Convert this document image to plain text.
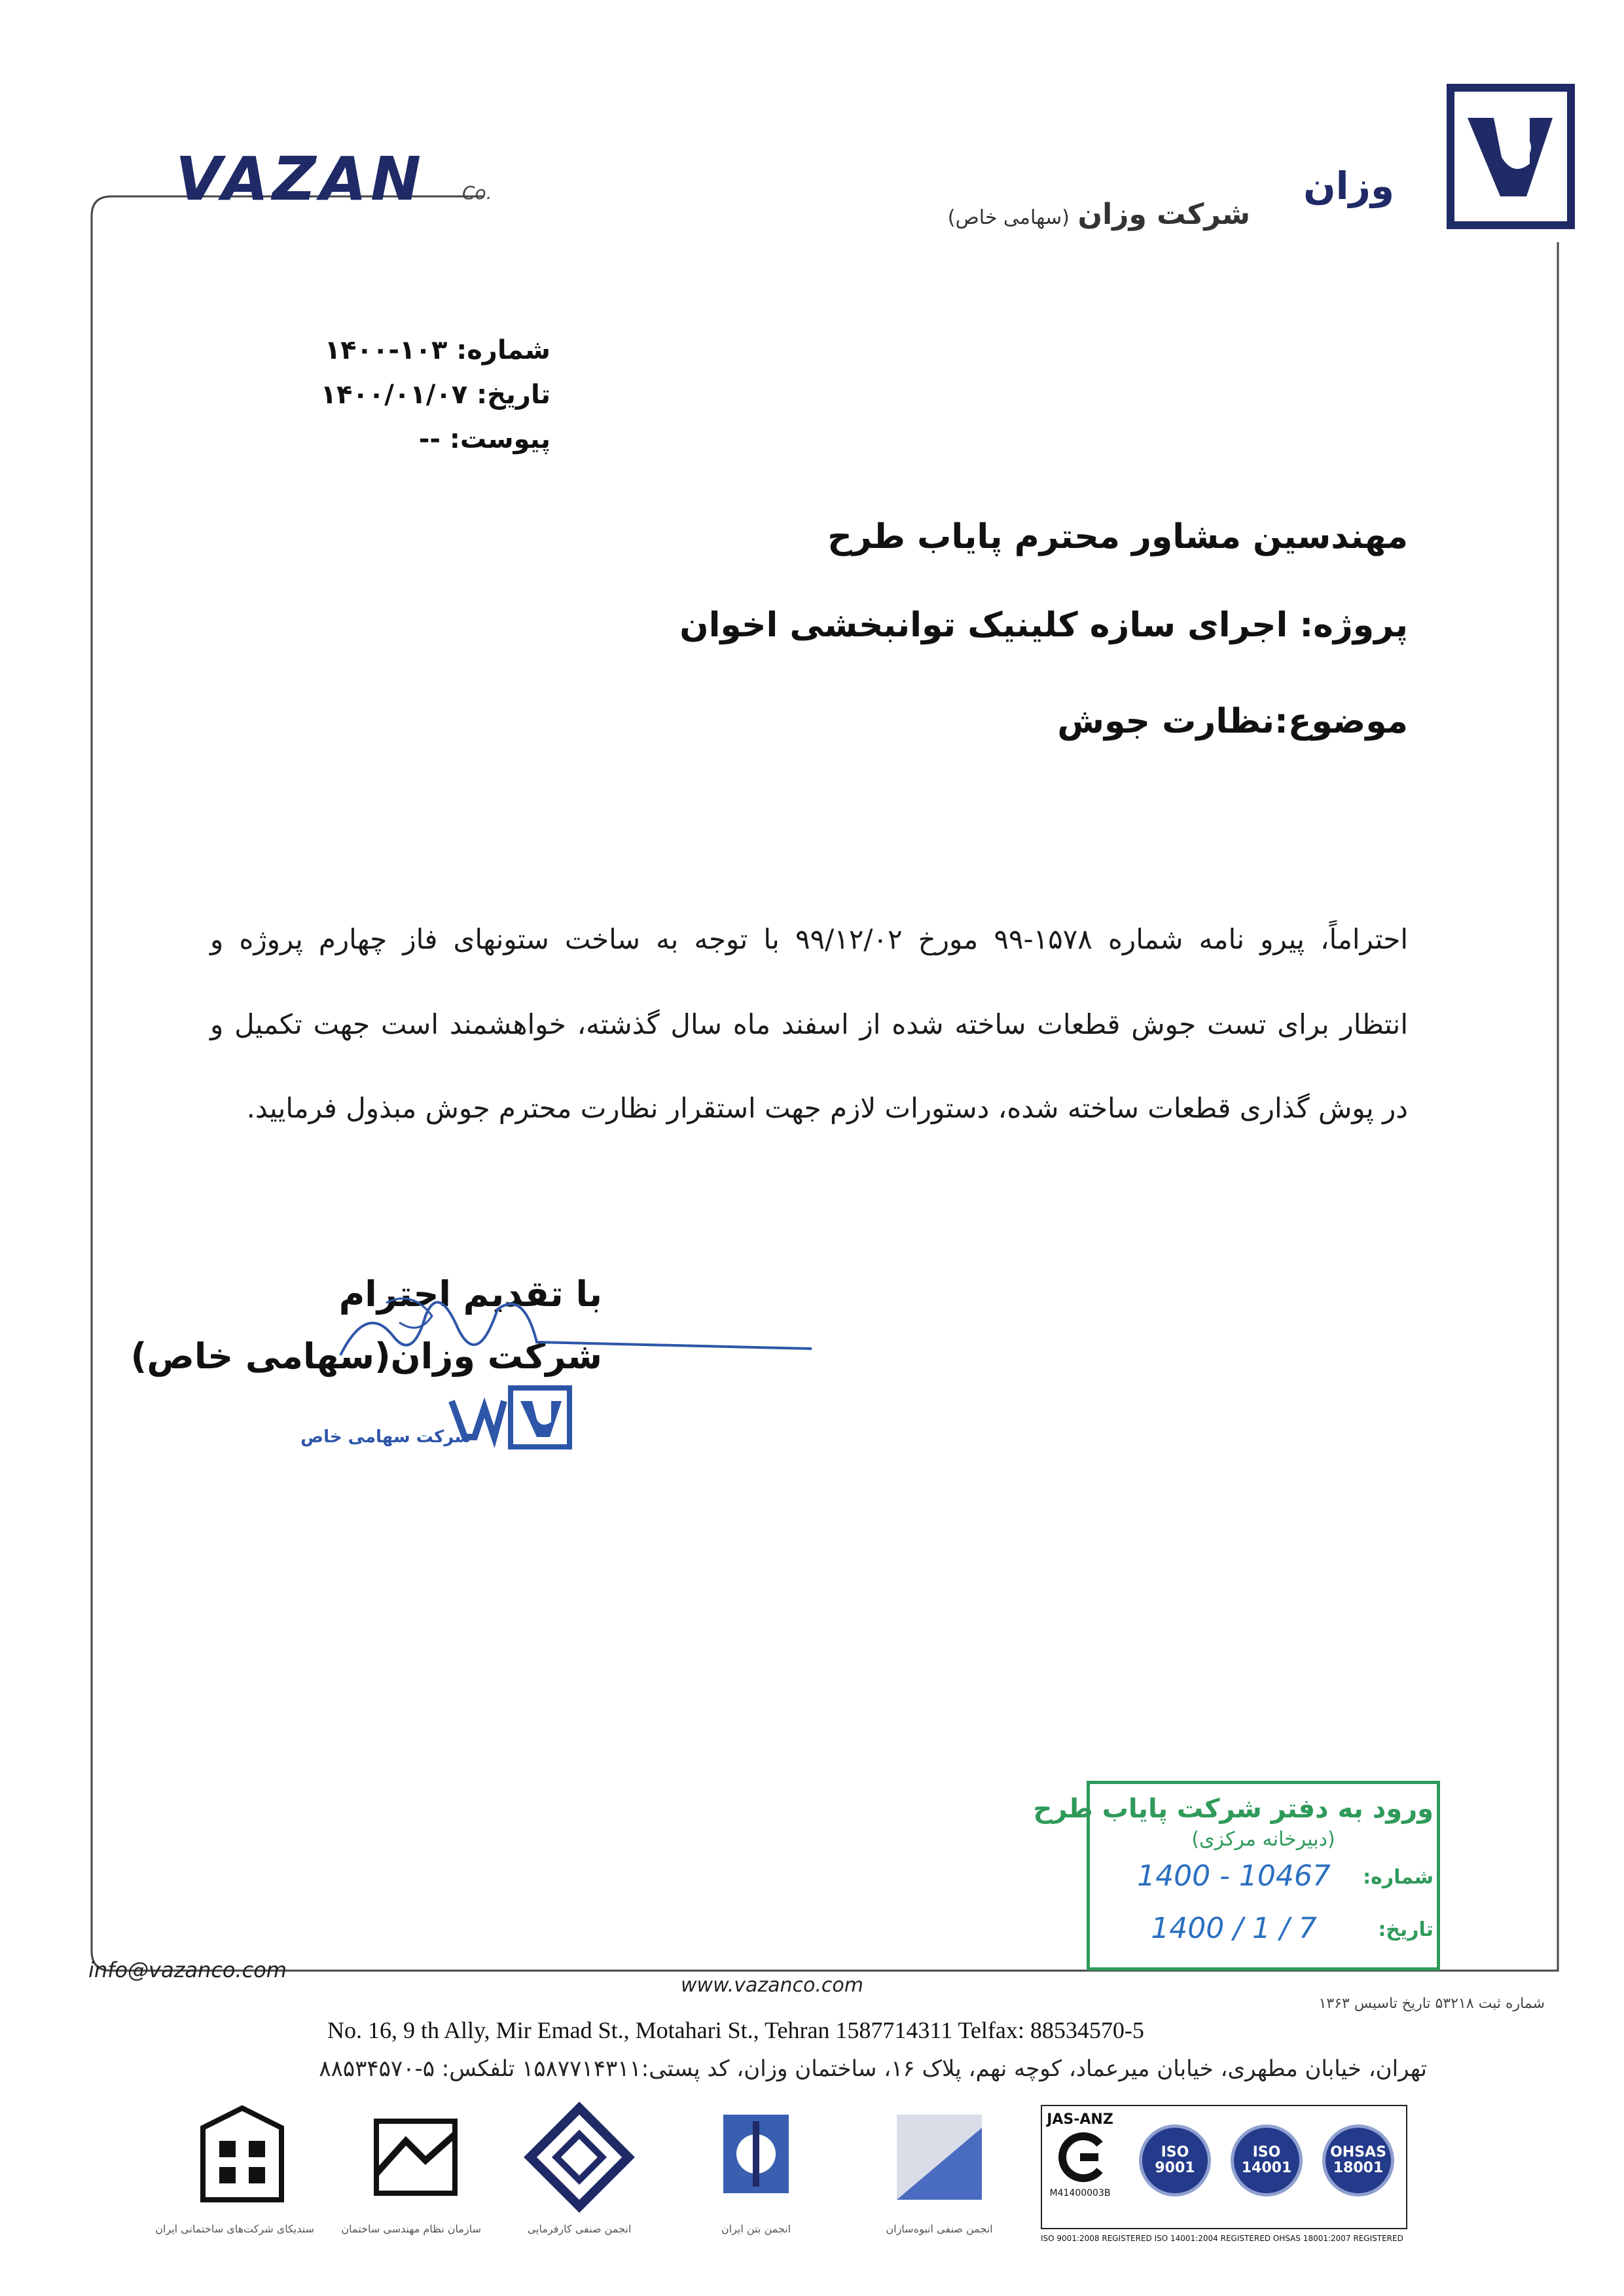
وزان
شرکت وزان (سهامی خاص)
VAZAN	Co.
شماره: ۱۰۳-۱۴۰۰
تاریخ: ۱۴۰۰/۰۱/۰۷
پیوست: --
مهندسین مشاور محترم پایاب طرح
پروژه: اجرای سازه کلینیک توانبخشی اخوان
موضوع:نظارت جوش
احتراماً، پیرو نامه شماره ۱۵۷۸-۹۹ مورخ ۹۹/۱۲/۰۲ با توجه به ساخت ستونهای فاز چهارم پروژه و
انتظار برای تست جوش قطعات ساخته شده از اسفند ماه سال گذشته، خواهشمند است جهت تکمیل و
در پوش گذاری قطعات ساخته شده، دستورات لازم جهت استقرار نظارت محترم جوش مبذول فرمایید.
با تقدیم احترام
شرکت وزان(سهامی خاص)
شرکت سهامی خاص
ورود به دفتر شرکت پایاب طرح
(دبیرخانه مرکزی)
شماره:
1400 - 10467
تاریخ:
1400 / 1 / 7
info@vazanco.com
www.vazanco.com
شماره ثبت ۵۳۲۱۸ تاریخ تاسیس ۱۳۶۳
No. 16, 9 th Ally, Mir Emad St., Motahari St., Tehran 1587714311 Telfax: 88534570-5
تهران، خیابان مطهری، خیابان میرعماد، کوچه نهم، پلاک ۱۶، ساختمان وزان، کد پستی:۱۵۸۷۷۱۴۳۱۱ تلفکس: ۵-۸۸۵۳۴۵۷۰
سندیکای شرکت‌های ساختمانی ایران	سازمان نظام مهندسی ساختمان	انجمن صنفی کارفرمایی	انجمن بتن ایران	انجمن صنفی انبوه‌سازان
JAS-ANZ
M41400003B
ISO 9001
ISO 14001
OHSAS 18001
ISO 9001:2008 REGISTERED ISO 14001:2004 REGISTERED OHSAS 18001:2007 REGISTERED
